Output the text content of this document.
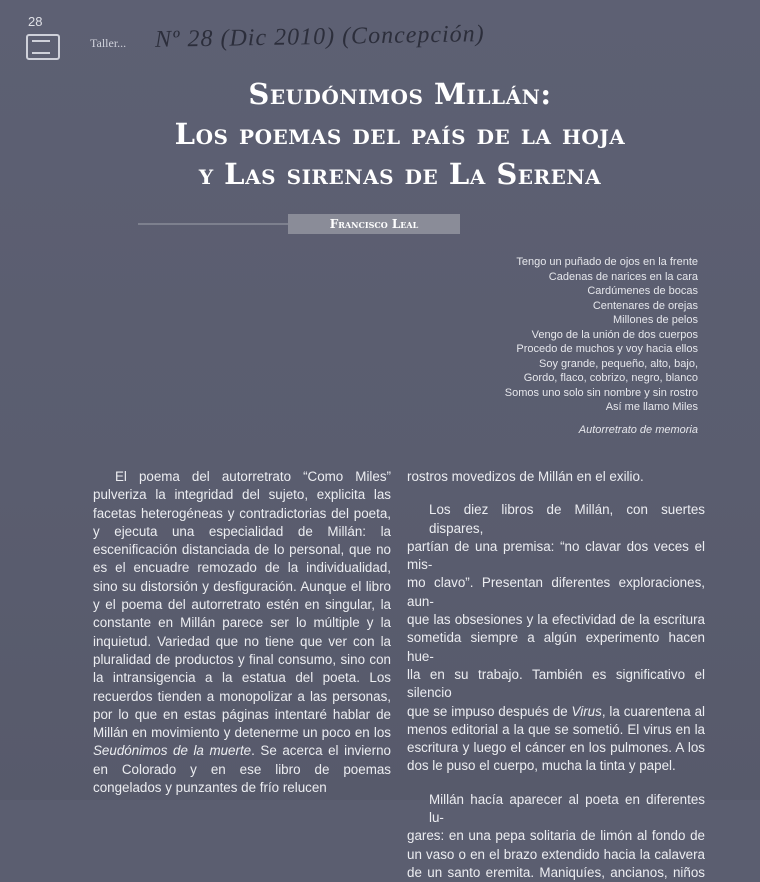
28
Taller... Nº 28 (Dic 2010) (Concepción)
Seudónimos Millán:
Los poemas del país de la hoja
y Las sirenas de La Serena
Francisco Leal
Tengo un puñado de ojos en la frente
Cadenas de narices en la cara
Cardúmenes de bocas
Centenares de orejas
Millones de pelos
Vengo de la unión de dos cuerpos
Procedo de muchos y voy hacia ellos
Soy grande, pequeño, alto, bajo,
Gordo, flaco, cobrizo, negro, blanco
Somos uno solo sin nombre y sin rostro
Así me llamo Miles
Autorretrato de memoria

El poema del autorretrato “Como Miles” pulveriza la integridad del sujeto, explicita las facetas heterogéneas y contradictorias del poeta, y ejecuta una especialidad de Millán: la escenificación distanciada de lo personal, que no es el encuadre remozado de la individualidad, sino su distorsión y desfiguración. Aunque el libro y el poema del autorretrato estén en singular, la constante en Millán parece ser lo múltiple y la inquietud. Variedad que no tiene que ver con la pluralidad de productos y final consumo, sino con la intransigencia a la estatua del poeta. Los recuerdos tienden a monopolizar a las personas, por lo que en estas páginas intentaré hablar de Millán en movimiento y detenerme un poco en los Seudónimos de la muerte. Se acerca el invierno en Colorado y en ese libro de poemas congelados y punzantes de frío relucen

rostros movedizos de Millán en el exilio.
Los diez libros de Millán, con suertes dispares,
partían de una premisa: “no clavar dos veces el mis-
mo clavo”. Presentan diferentes exploraciones, aun-
que las obsesiones y la efectividad de la escritura
sometida siempre a algún experimento hacen hue-
lla en su trabajo. También es significativo el silencio
que se impuso después de Virus, la cuarentena al
menos editorial a la que se sometió. El virus en la
escritura y luego el cáncer en los pulmones. A los
dos le puso el cuerpo, mucha la tinta y papel.
Millán hacía aparecer al poeta en diferentes lu-
gares: en una pepa solitaria de limón al fondo de
un vaso o en el brazo extendido hacia la calavera
de un santo eremita. Maniquíes, ancianos, niños
